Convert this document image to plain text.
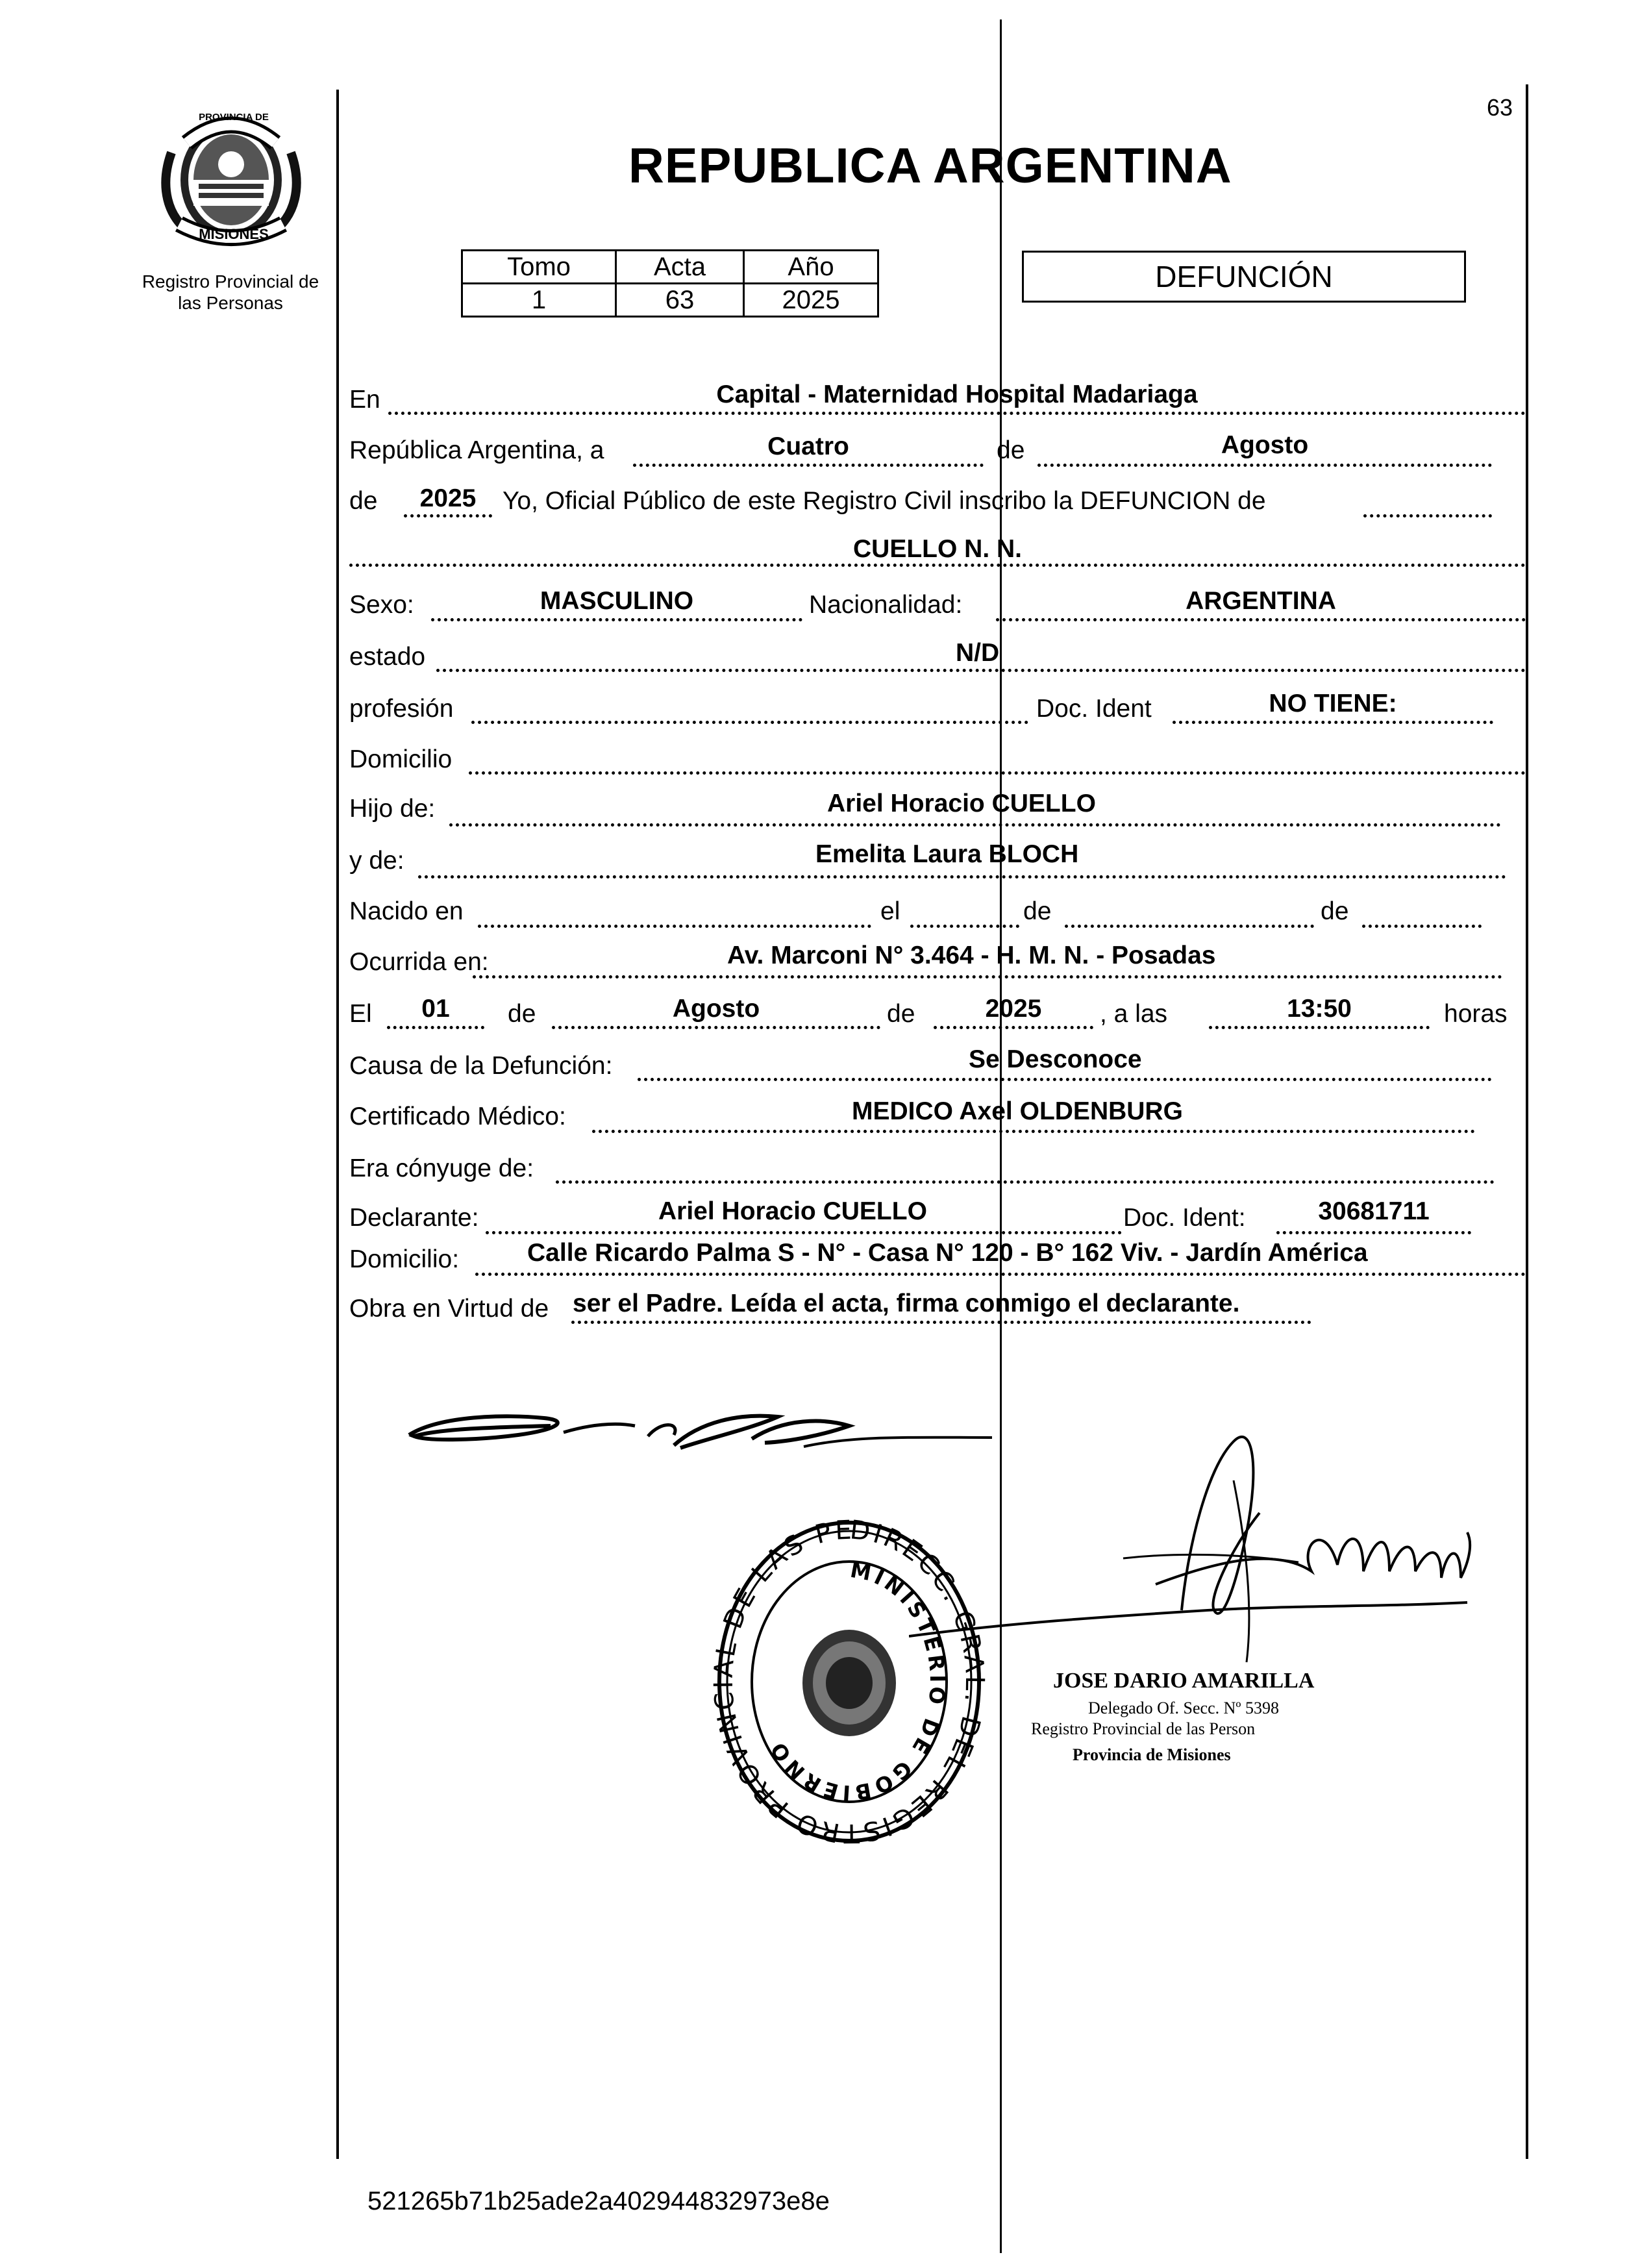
PROVINCIA DE
MISIONES
Registro Provincial de
las Personas
63
REPUBLICA ARGENTINA
Tomo	Acta	Año
1	63	2025
DEFUNCIÓN
En	Capital - Maternidad Hospital Madariaga
República Argentina, a	Cuatro	de	Agosto
de	2025	Yo, Oficial Público de este Registro Civil inscribo la DEFUNCION de
CUELLO N. N.
Sexo:	MASCULINO	Nacionalidad:	ARGENTINA
estado	N/D
profesión	Doc. Ident	NO TIENE:
Domicilio
Hijo de:	Ariel Horacio CUELLO
y de:	Emelita Laura BLOCH
Nacido en	el	de	de
Ocurrida en:	Av. Marconi N° 3.464 - H. M. N. - Posadas
El	01	de	Agosto	de	2025	, a las	13:50	horas
Causa de la Defunción:	Se Desconoce
Certificado Médico:	MEDICO Axel OLDENBURG
Era cónyuge de:
Declarante:	Ariel Horacio CUELLO	Doc. Ident:	30681711
Domicilio:	Calle Ricardo Palma S - N° - Casa N° 120 - B° 162 Viv. - Jardín América
Obra en Virtud de ser el Padre. Leída el acta, firma conmigo el declarante.
DIRECC. GR DEL REGISTRO PROVIN L DE LAS PE
MINISTERIO DE GOBIERNO
JOSE DARIO AMARILLA
Delegado Of. Secc. Nº 5398
Registro Provincial de las Person
Provincia de Misiones
521265b71b25ade2a402944832973e8e
